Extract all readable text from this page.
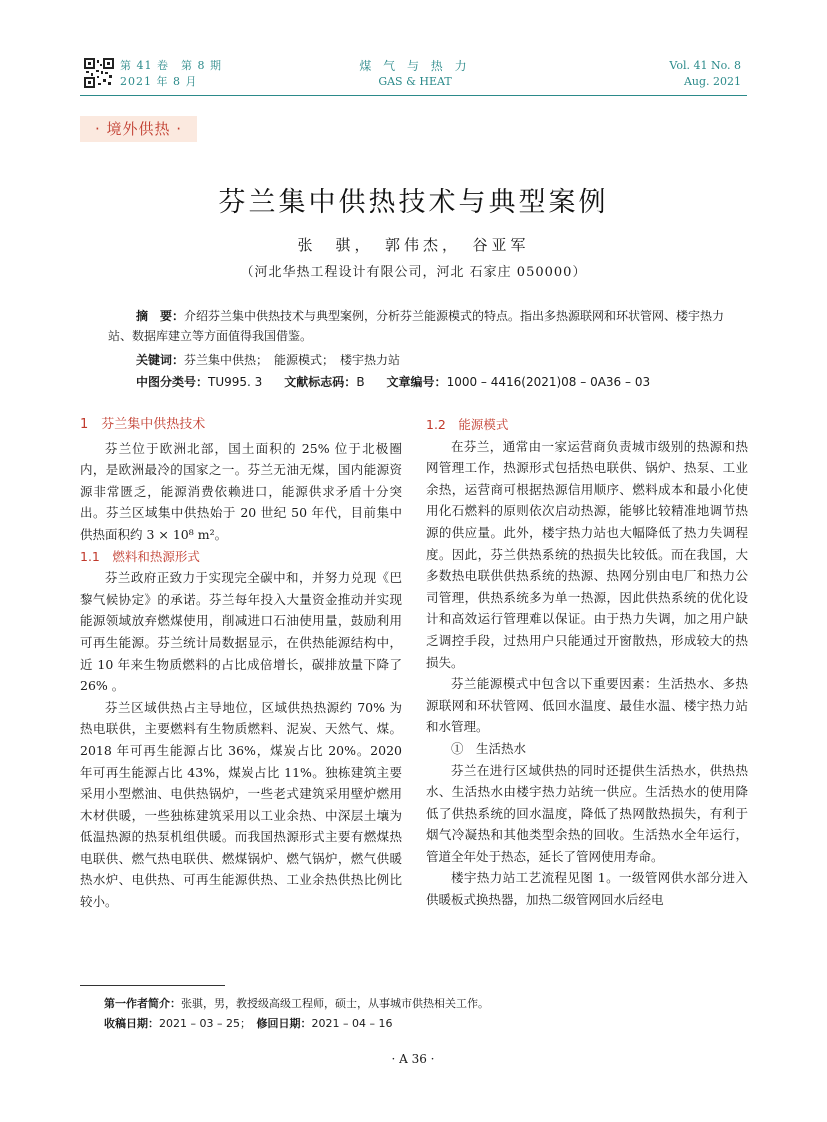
第 41 卷　第 8 期
2021 年 8 月
煤 气 与 热 力
GAS & HEAT
Vol. 41 No. 8
Aug. 2021
· 境外供热 ·
芬兰集中供热技术与典型案例
张　骐，　郭伟杰，　谷亚军
（河北华热工程设计有限公司，河北 石家庄 050000）
摘　要：介绍芬兰集中供热技术与典型案例，分析芬兰能源模式的特点。指出多热源联网和环状管网、楼宇热力站、数据库建立等方面值得我国借鉴。
关键词：芬兰集中供热；　能源模式；　楼宇热力站
中图分类号：TU995. 3 文献标志码：B 文章编号：1000 – 4416(2021)08 – 0A36 – 03
1　芬兰集中供热技术

芬兰位于欧洲北部，国土面积的 25% 位于北极圈内，是欧洲最冷的国家之一。芬兰无油无煤，国内能源资源非常匮乏，能源消费依赖进口，能源供求矛盾十分突出。芬兰区域集中供热始于 20 世纪 50 年代，目前集中供热面积约 3 × 10⁸ m²。

1.1　燃料和热源形式

芬兰政府正致力于实现完全碳中和，并努力兑现《巴黎气候协定》的承诺。芬兰每年投入大量资金推动并实现能源领域放弃燃煤使用，削减进口石油使用量，鼓励利用可再生能源。芬兰统计局数据显示，在供热能源结构中，近 10 年来生物质燃料的占比成倍增长，碳排放量下降了 26% 。

芬兰区域供热占主导地位，区域供热热源约 70% 为热电联供，主要燃料有生物质燃料、泥炭、天然气、煤。2018 年可再生能源占比 36%，煤炭占比 20%。2020 年可再生能源占比 43%，煤炭占比 11%。独栋建筑主要采用小型燃油、电供热锅炉，一些老式建筑采用壁炉燃用木材供暖，一些独栋建筑采用以工业余热、中深层土壤为低温热源的热泵机组供暖。而我国热源形式主要有燃煤热电联供、燃气热电联供、燃煤锅炉、燃气锅炉，燃气供暖热水炉、电供热、可再生能源供热、工业余热供热比例比较小。

1.2　能源模式

在芬兰，通常由一家运营商负责城市级别的热源和热网管理工作，热源形式包括热电联供、锅炉、热泵、工业余热，运营商可根据热源信用顺序、燃料成本和最小化使用化石燃料的原则依次启动热源，能够比较精准地调节热源的供应量。此外，楼宇热力站也大幅降低了热力失调程度。因此，芬兰供热系统的热损失比较低。而在我国，大多数热电联供供热系统的热源、热网分别由电厂和热力公司管理，供热系统多为单一热源，因此供热系统的优化设计和高效运行管理难以保证。由于热力失调，加之用户缺乏调控手段，过热用户只能通过开窗散热，形成较大的热损失。

芬兰能源模式中包含以下重要因素：生活热水、多热源联网和环状管网、低回水温度、最佳水温、楼宇热力站和水管理。

①　生活热水

芬兰在进行区域供热的同时还提供生活热水，供热热水、生活热水由楼宇热力站统一供应。生活热水的使用降低了供热系统的回水温度，降低了热网散热损失，有利于烟气冷凝热和其他类型余热的回收。生活热水全年运行，管道全年处于热态，延长了管网使用寿命。

楼宇热力站工艺流程见图 1。一级管网供水部分进入供暖板式换热器，加热二级管网回水后经电

第一作者简介：张骐，男，教授级高级工程师，硕士，从事城市供热相关工作。
收稿日期：2021 – 03 – 25；　 修回日期：2021 – 04 – 16
· A 36 ·
